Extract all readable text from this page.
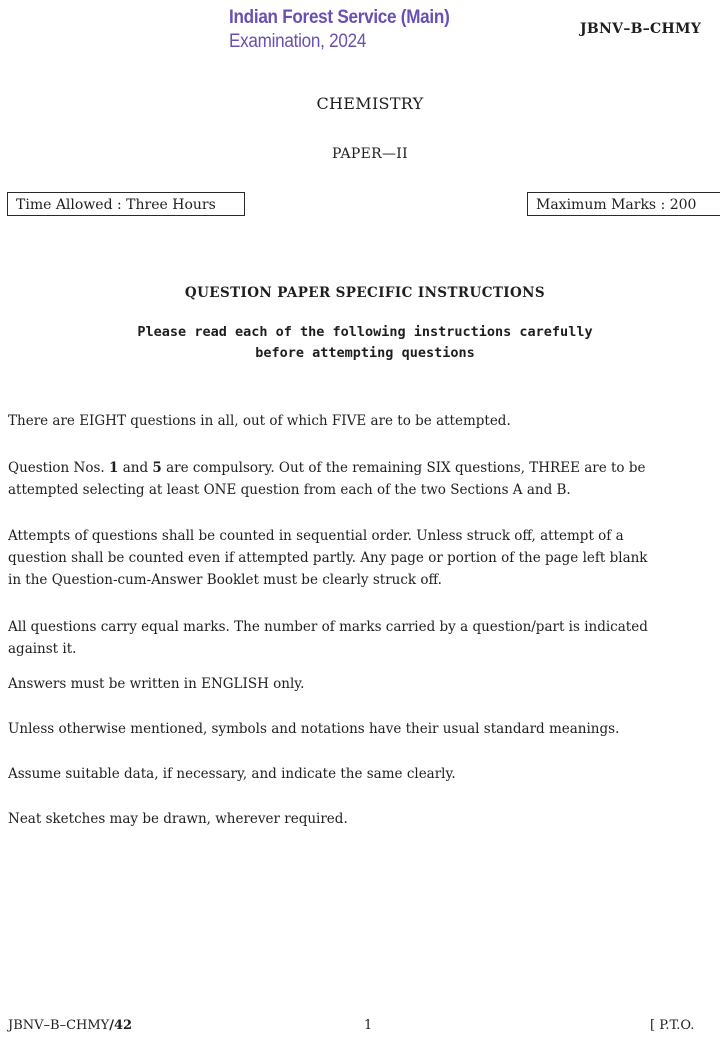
Indian Forest Service (Main)
Examination, 2024
JBNV–B–CHMY
CHEMISTRY
PAPER—II
Time Allowed : Three Hours	Maximum Marks : 200
QUESTION PAPER SPECIFIC INSTRUCTIONS
Please read each of the following instructions carefully
before attempting questions
There are EIGHT questions in all, out of which FIVE are to be attempted.
Question Nos. 1 and 5 are compulsory. Out of the remaining SIX questions, THREE are to be
attempted selecting at least ONE question from each of the two Sections A and B.
Attempts of questions shall be counted in sequential order. Unless struck off, attempt of a
question shall be counted even if attempted partly. Any page or portion of the page left blank
in the Question-cum-Answer Booklet must be clearly struck off.
All questions carry equal marks. The number of marks carried by a question/part is indicated
against it.
Answers must be written in ENGLISH only.
Unless otherwise mentioned, symbols and notations have their usual standard meanings.
Assume suitable data, if necessary, and indicate the same clearly.
Neat sketches may be drawn, wherever required.
JBNV–B–CHMY/42	1	[ P.T.O.
